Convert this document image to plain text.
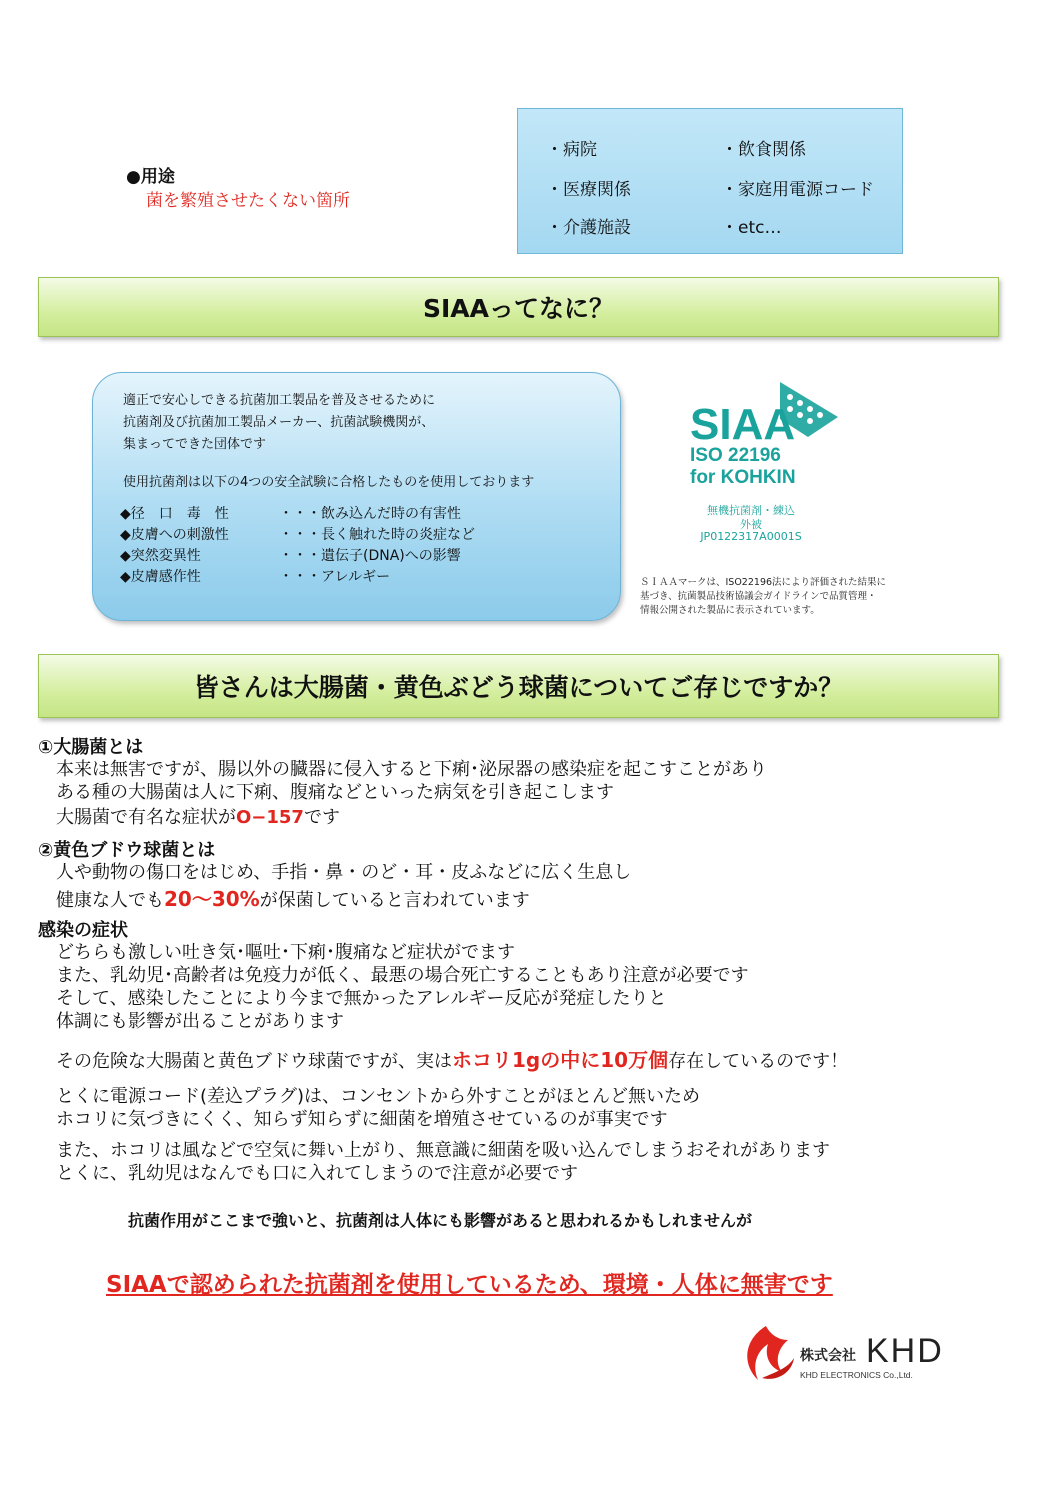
●用途
菌を繁殖させたくない箇所
・病院	・飲食関係
・医療関係	・家庭用電源コード
・介護施設	・etc…
SIAAってなに？
適正で安心しできる抗菌加工製品を普及させるために
抗菌剤及び抗菌加工製品メーカー、抗菌試験機関が、
集まってできた団体です
使用抗菌剤は以下の4つの安全試験に合格したものを使用しております
◆径　口　毒　性	・・・飲み込んだ時の有害性
◆皮膚への刺激性	・・・長く触れた時の炎症など
◆突然変異性	・・・遺伝子(DNA)への影響
◆皮膚感作性	・・・アレルギー
SIAA
ISO 22196
for KOHKIN
無機抗菌剤・練込
外被
JP0122317A0001S
ＳＩＡＡマークは、ISO22196法により評価された結果に
基づき、抗菌製品技術協議会ガイドラインで品質管理・
情報公開された製品に表示されています。
皆さんは大腸菌・黄色ぶどう球菌についてご存じですか？
①大腸菌とは
本来は無害ですが、腸以外の臓器に侵入すると下痢･泌尿器の感染症を起こすことがあり
ある種の大腸菌は人に下痢、腹痛などといった病気を引き起こします
大腸菌で有名な症状がO−157です
②黄色ブドウ球菌とは
人や動物の傷口をはじめ、手指・鼻・のど・耳・皮ふなどに広く生息し
健康な人でも20～30%が保菌していると言われています
感染の症状
どちらも激しい吐き気･嘔吐･下痢･腹痛など症状がでます
また、乳幼児･高齢者は免疫力が低く、最悪の場合死亡することもあり注意が必要です
そして、感染したことにより今まで無かったアレルギー反応が発症したりと
体調にも影響が出ることがあります
その危険な大腸菌と黄色ブドウ球菌ですが、実はホコリ1gの中に10万個存在しているのです！
とくに電源コード(差込プラグ)は、コンセントから外すことがほとんど無いため
ホコリに気づきにくく、知らず知らずに細菌を増殖させているのが事実です
また、ホコリは風などで空気に舞い上がり、無意識に細菌を吸い込んでしまうおそれがあります
とくに、乳幼児はなんでも口に入れてしまうので注意が必要です
抗菌作用がここまで強いと、抗菌剤は人体にも影響があると思われるかもしれませんが
SIAAで認められた抗菌剤を使用しているため、環境・人体に無害です
株式会社 KHD
KHD ELECTRONICS Co.,Ltd.
